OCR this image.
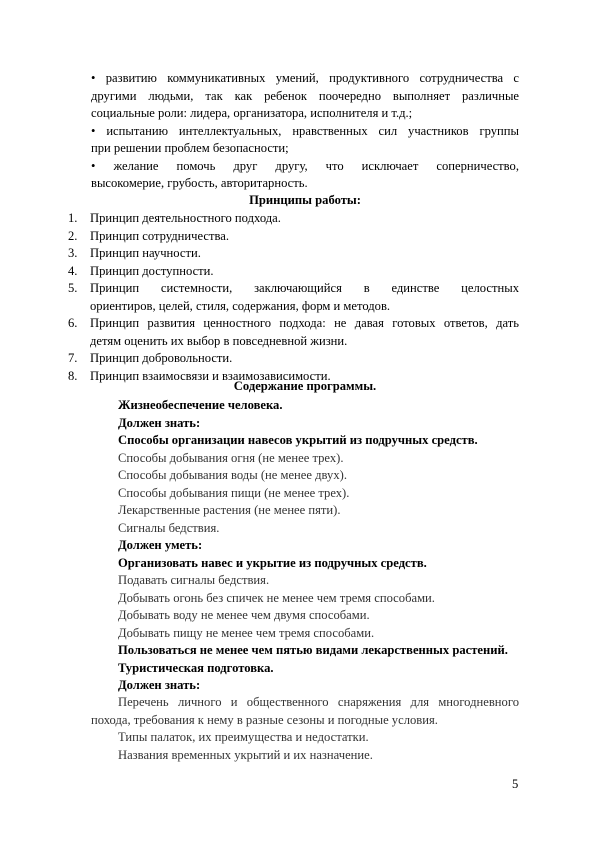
• развитию коммуникативных умений, продуктивного сотрудничества с
другими людьми, так как ребенок поочередно выполняет различные
социальные роли: лидера, организатора, исполнителя и т.д.;
• испытанию интеллектуальных, нравственных сил участников группы
при решении проблем безопасности;
• желание помочь друг другу, что исключает соперничество,
высокомерие, грубость, авторитарность.
Принципы работы:
1. Принцип деятельностного подхода.
2. Принцип сотрудничества.
3. Принцип научности.
4. Принцип доступности.
5. Принцип системности, заключающийся в единстве целостных
ориентиров, целей, стиля, содержания, форм и методов.
6. Принцип развития ценностного подхода: не давая готовых ответов, дать
детям оценить их выбор в повседневной жизни.
7. Принцип добровольности.
8. Принцип взаимосвязи и взаимозависимости.
Содержание программы.
Жизнеобеспечение человека.
Должен знать:
Способы организации навесов укрытий из подручных средств.
Способы добывания огня (не менее трех).
Способы добывания воды (не менее двух).
Способы добывания пищи (не менее трех).
Лекарственные растения (не менее пяти).
Сигналы бедствия.
Должен уметь:
Организовать навес и укрытие из подручных средств.
Подавать сигналы бедствия.
Добывать огонь без спичек не менее чем тремя способами.
Добывать воду не менее чем двумя способами.
Добывать пищу не менее чем тремя способами.
Пользоваться не менее чем пятью видами лекарственных растений.
Туристическая подготовка.
Должен знать:
Перечень личного и общественного снаряжения для многодневного
похода, требования к нему в разные сезоны и погодные условия.
Типы палаток, их преимущества и недостатки.
Названия временных укрытий и их назначение.
5
